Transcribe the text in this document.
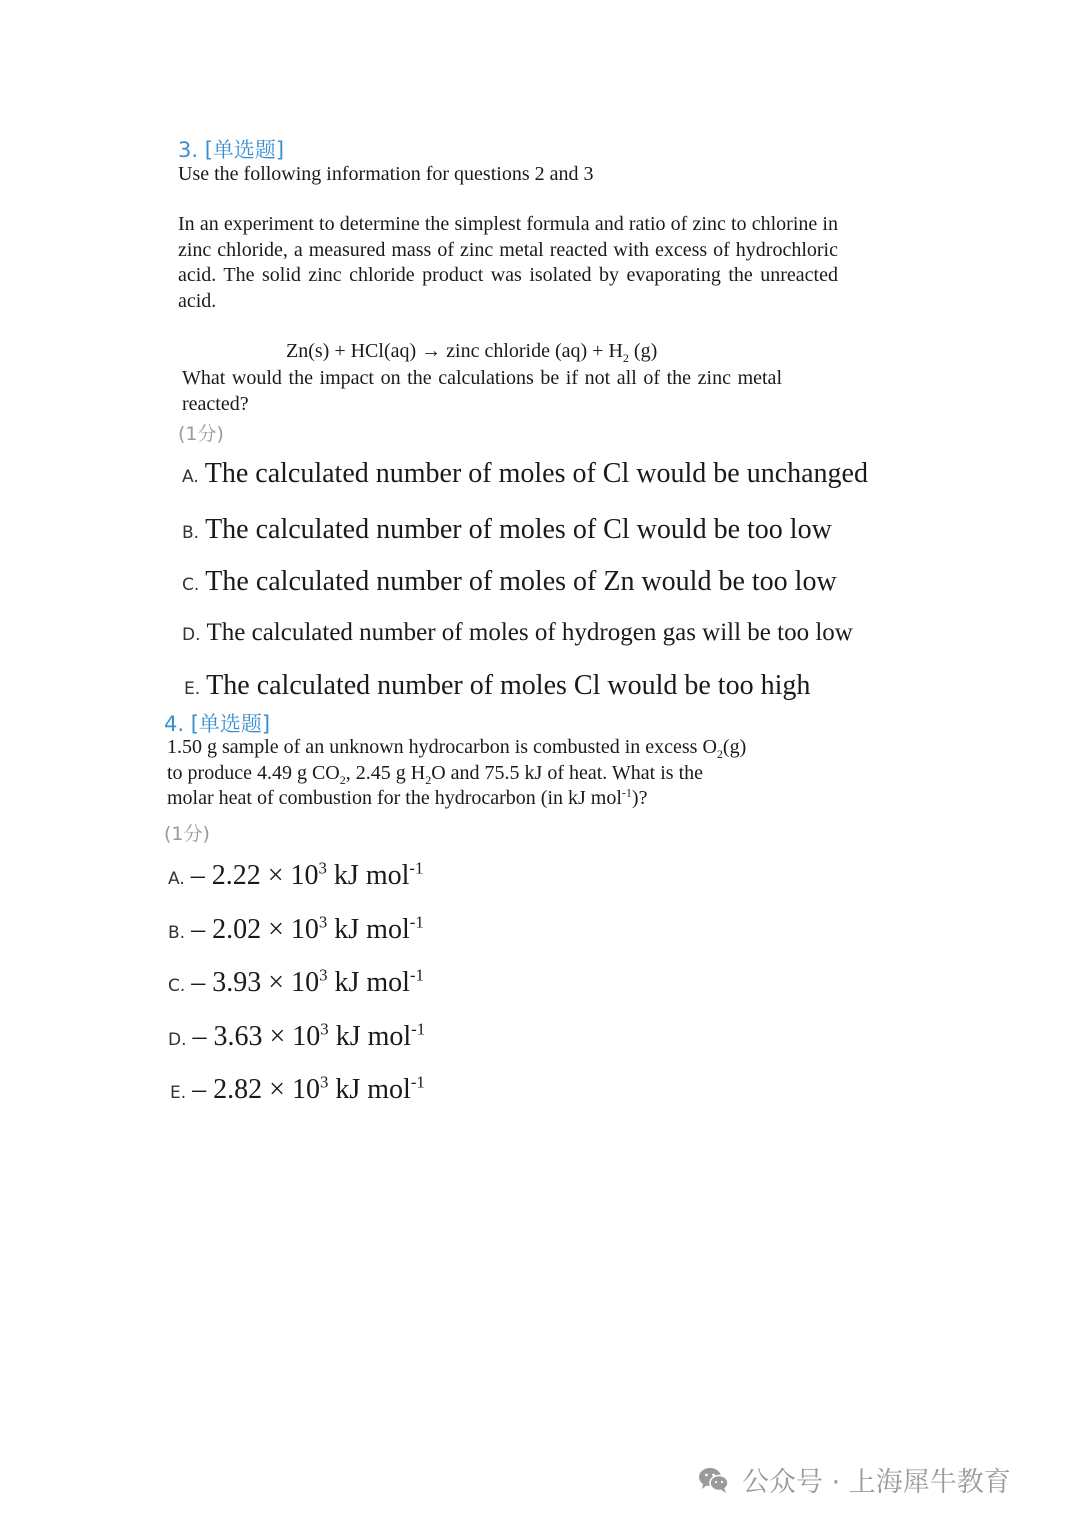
3. [单选题]
Use the following information for questions 2 and 3
In an experiment to determine the simplest formula and ratio of zinc to chlorine in zinc chloride, a measured mass of zinc metal reacted with excess of hydrochloric acid. The solid zinc chloride product was isolated by evaporating the unreacted acid.
Zn(s) + HCl(aq) → zinc chloride $(aq) + H_2$ (g)
What would the impact on the calculations be if not all of the zinc metal reacted?
(1分)
A. The calculated number of moles of Cl would be unchanged
B. The calculated number of moles of Cl would be too low
C. The calculated number of moles of Zn would be too low
D. The calculated number of moles of hydrogen gas will be too low
E. The calculated number of moles Cl would be too high
4. [单选题]
1.50 g sample of an unknown hydrocarbon is combusted in excess $O_2(g)$
to produce 4.49 g $CO_2$, 2.45 g $H_2O$ and 75.5 kJ of heat. What is the
molar heat of combustion for the hydrocarbon (in kJ mol$^{-1}$)?
(1分)
A. – $2.22 \times 10^3$ kJ mol$^{-1}$
B. – $2.02 \times 10^3$ kJ mol$^{-1}$
C. – $3.93 \times 10^3$ kJ mol$^{-1}$
D. – $3.63 \times 10^3$ kJ mol$^{-1}$
E. – $2.82 \times 10^3$ kJ mol$^{-1}$
公众号 · 上海犀牛教育
